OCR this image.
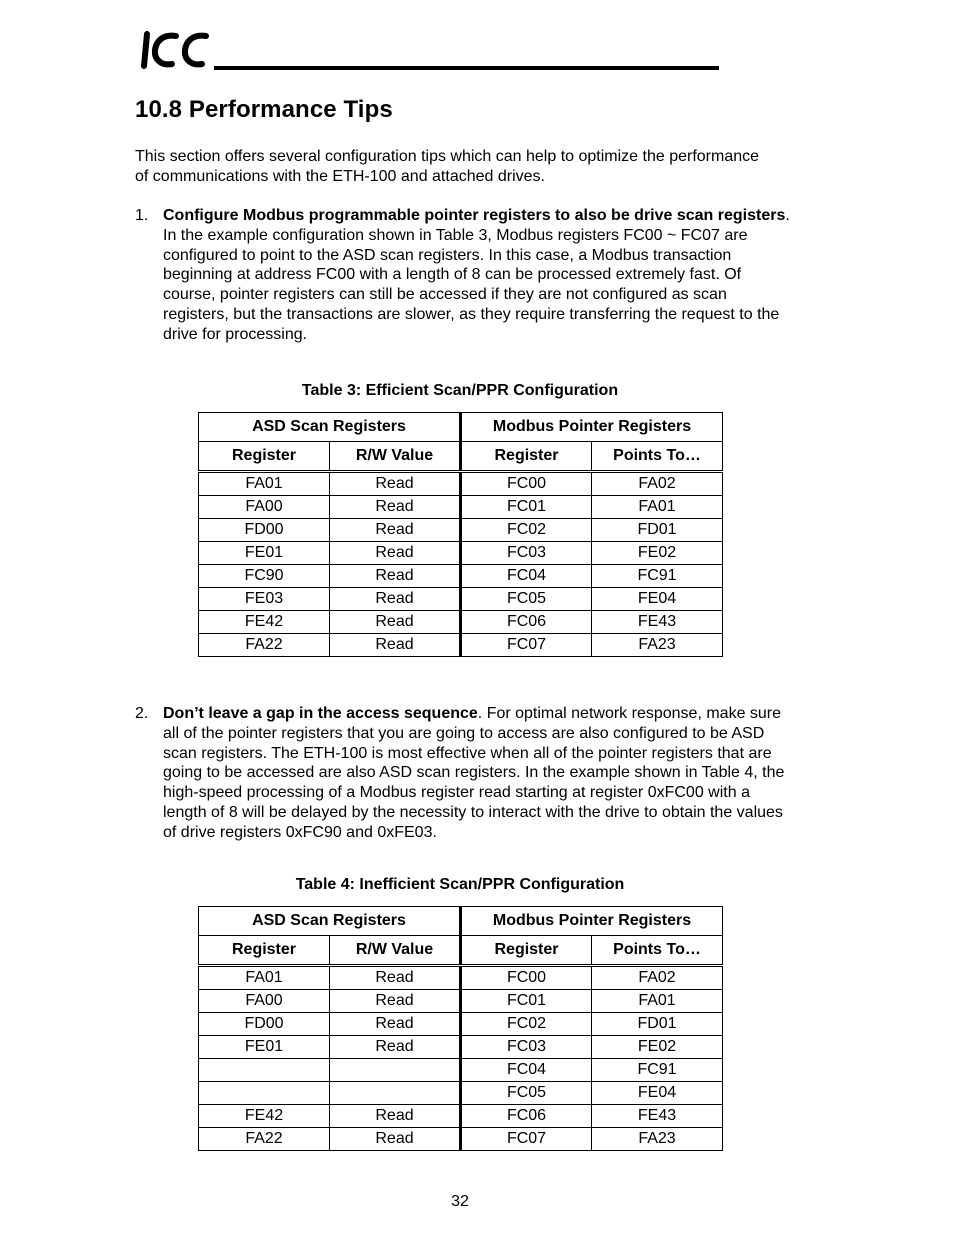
10.8 Performance Tips

This section offers several configuration tips which can help to optimize the performance of communications with the ETH-100 and attached drives.

1. Configure Modbus programmable pointer registers to also be drive scan registers. In the example configuration shown in Table 3, Modbus registers FC00 ~ FC07 are configured to point to the ASD scan registers. In this case, a Modbus transaction beginning at address FC00 with a length of 8 can be processed extremely fast. Of course, pointer registers can still be accessed if they are not configured as scan registers, but the transactions are slower, as they require transferring the request to the drive for processing.

Table 3: Efficient Scan/PPR Configuration

ASD Scan Registers		Modbus Pointer Registers	
Register	R/W Value	Register	Points To…
FA01	Read	FC00	FA02
FA00	Read	FC01	FA01
FD00	Read	FC02	FD01
FE01	Read	FC03	FE02
FC90	Read	FC04	FC91
FE03	Read	FC05	FE04
FE42	Read	FC06	FE43
FA22	Read	FC07	FA23
2. Don’t leave a gap in the access sequence. For optimal network response, make sure all of the pointer registers that you are going to access are also configured to be ASD scan registers. The ETH-100 is most effective when all of the pointer registers that are going to be accessed are also ASD scan registers. In the example shown in Table 4, the high-speed processing of a Modbus register read starting at register 0xFC00 with a length of 8 will be delayed by the necessity to interact with the drive to obtain the values of drive registers 0xFC90 and 0xFE03.

Table 4: Inefficient Scan/PPR Configuration

ASD Scan Registers		Modbus Pointer Registers	
Register	R/W Value	Register	Points To…
FA01	Read	FC00	FA02
FA00	Read	FC01	FA01
FD00	Read	FC02	FD01
FE01	Read	FC03	FE02
		FC04	FC91
		FC05	FE04
FE42	Read	FC06	FE43
FA22	Read	FC07	FA23
32
